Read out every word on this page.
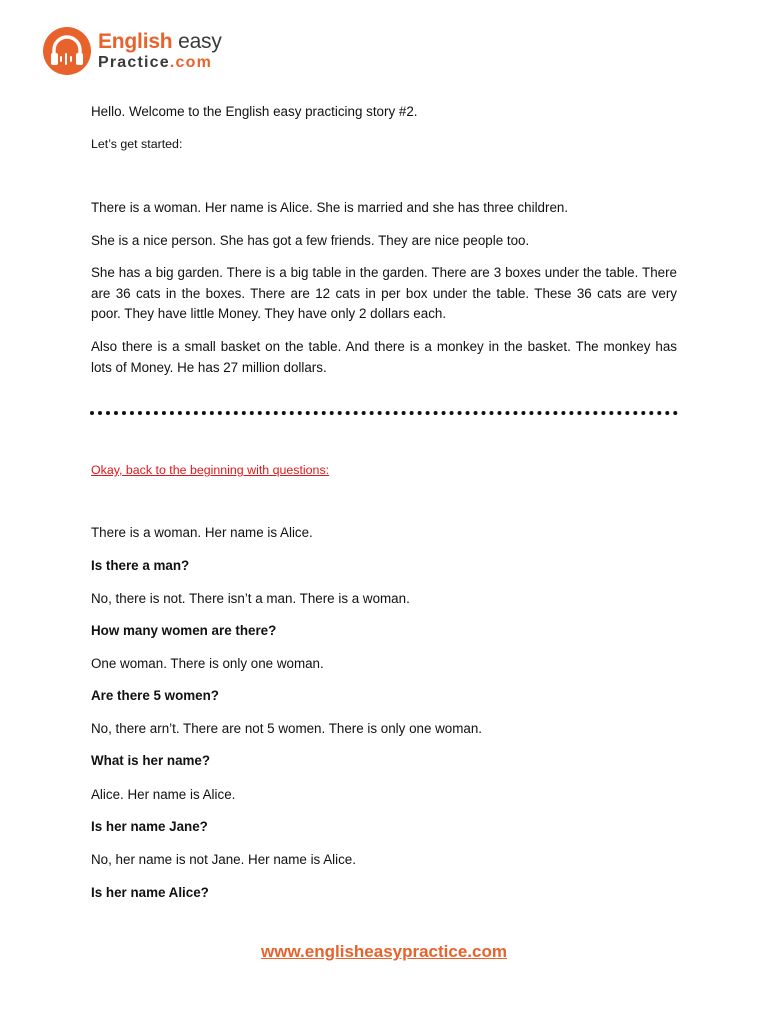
English easy
Practice.com

Hello. Welcome to the English easy practicing story #2.

Let’s get started:

There is a woman. Her name is Alice. She is married and she has three children.

She is a nice person. She has got a few friends. They are nice people too.

She has a big garden. There is a big table in the garden. There are 3 boxes under the table. There are 36 cats in the boxes. There are 12 cats in per box under the table. These 36 cats are very poor. They have little Money. They have only 2 dollars each.

Also there is a small basket on the table. And there is a monkey in the basket. The monkey has lots of Money. He has 27 million dollars.

Okay, back to the beginning with questions:

There is a woman. Her name is Alice.

Is there a man?

No, there is not. There isn’t a man. There is a woman.

How many women are there?

One woman. There is only one woman.

Are there 5 women?

No, there arn’t. There are not 5 women. There is only one woman.

What is her name?

Alice. Her name is Alice.

Is her name Jane?

No, her name is not Jane. Her name is Alice.

Is her name Alice?

www.englisheasypractice.com
